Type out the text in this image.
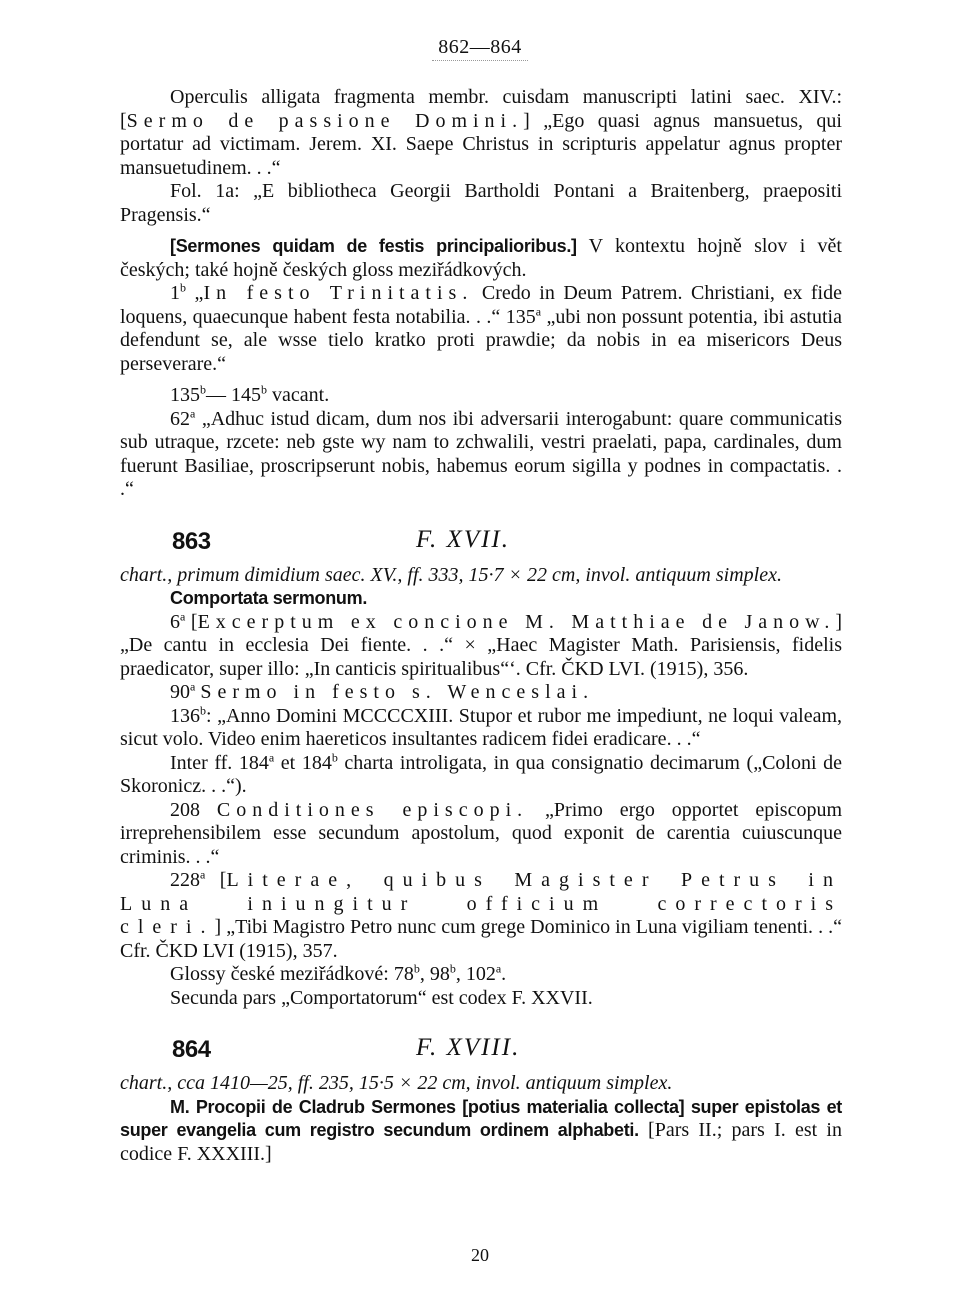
862—864

Operculis alligata fragmenta membr. cuisdam manuscripti latini saec. XIV.: [Sermo de passione Domini.] „Ego quasi agnus mansuetus, qui portatur ad victimam. Jerem. XI. Saepe Christus in scripturis appelatur agnus propter mansuetudinem. . .“

Fol. 1a: „E bibliotheca Georgii Bartholdi Pontani a Braitenberg, praepositi Pragensis.“

[Sermones quidam de festis principalioribus.] V kontextu hojně slov i vět českých; také hojně českých gloss meziřádkových.

1$^b$ „In festo Trinitatis. Credo in Deum Patrem. Christiani, ex fide loquens, quaecunque habent festa notabilia. . .“ 135$^a$ „ubi non possunt potentia, ibi astutia defendunt se, ale wsse tielo kratko proti prawdie; da nobis in ea misericors Deus perseverare.“

135$^b$— 145$^b$ vacant.

62$^a$ „Adhuc istud dicam, dum nos ibi adversarii interogabunt: quare communicatis sub utraque, rzcete: neb gste wy nam to zchwalili, vestri praelati, papa, cardinales, dum fuerunt Basiliae, proscripserunt nobis, habemus eorum sigilla y podnes in compactatis. . .“

863	F. XVII.

chart., primum dimidium saec. XV., ff. 333, 15·7 × 22 cm, invol. antiquum simplex.

Comportata sermonum.

6$^a$ [Excerptum ex concione M. Matthiae de Janow.] „De cantu in ecclesia Dei fiente. . .“ × „Haec Magister Math. Parisiensis, fidelis praedicator, super illo: „In canticis spiritualibus“‘. Cfr. ČKD LVI. (1915), 356.

90$^a$ Sermo in festo s. Wenceslai.

136$^b$: „Anno Domini MCCCCXIII. Stupor et rubor me impediunt, ne loqui valeam, sicut volo. Video enim haereticos insultantes radicem fidei eradicare. . .“

Inter ff. 184$^a$ et 184$^b$ charta introligata, in qua consignatio decimarum („Coloni de Skoronicz. . .“).

208 Conditiones episcopi. „Primo ergo opportet episcopum irreprehensibilem esse secundum apostolum, quod exponit de carentia cuiuscunque criminis. . .“

228$^a$ [Literae, quibus Magister Petrus in Luna iniungitur officium correctoris cleri.] „Tibi Magistro Petro nunc cum grege Dominico in Luna vigiliam tenenti. . .“ Cfr. ČKD LVI (1915), 357.

Glossy české meziřádkové: 78$^b$, 98$^b$, 102$^a$.

Secunda pars „Comportatorum“ est codex F. XXVII.

864	F. XVIII.

chart., cca 1410—25, ff. 235, 15·5 × 22 cm, invol. antiquum simplex.

M. Procopii de Cladrub Sermones [potius materialia collecta] super epistolas et super evangelia cum registro secundum ordinem alphabeti. [Pars II.; pars I. est in codice F. XXXIII.]

20
